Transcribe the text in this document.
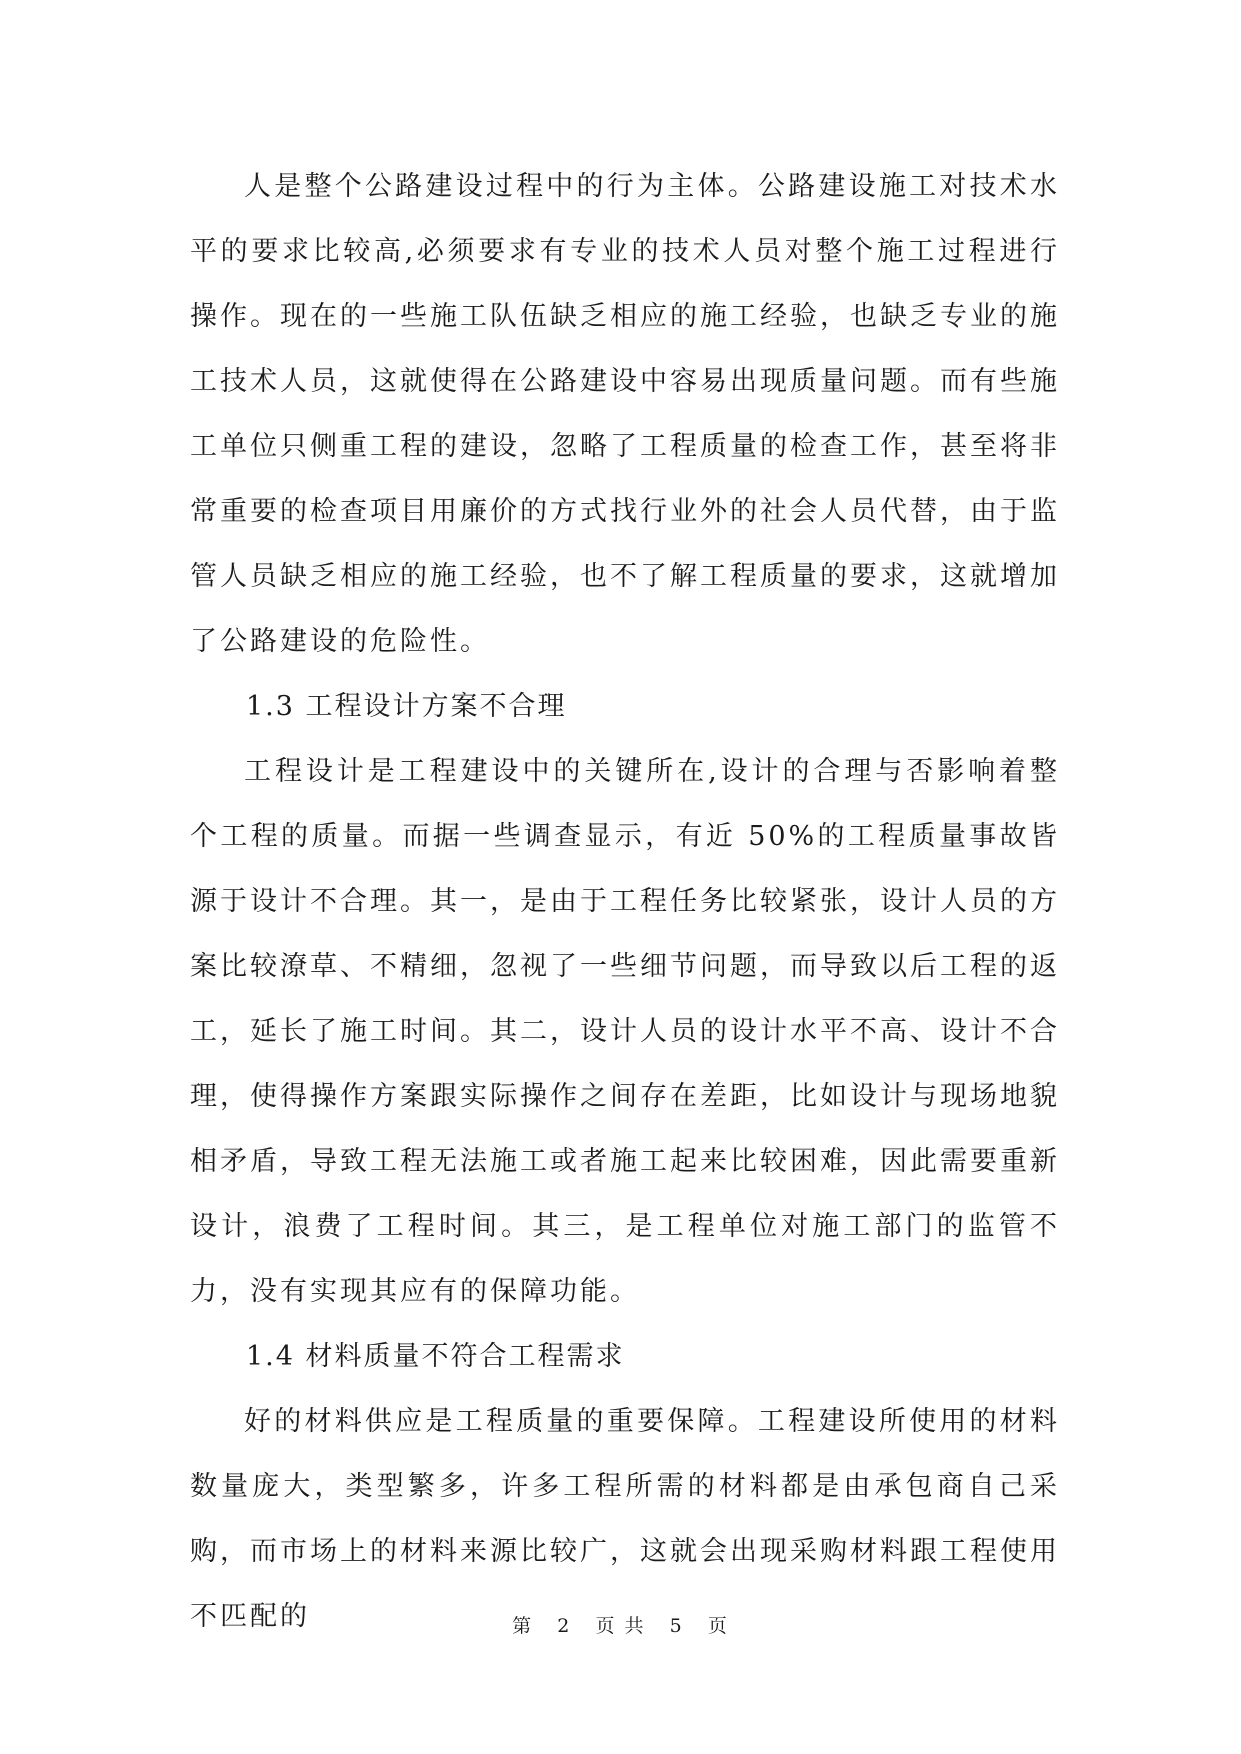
人是整个公路建设过程中的行为主体。公路建设施工对技术水平的要求比较高,必须要求有专业的技术人员对整个施工过程进行操作。现在的一些施工队伍缺乏相应的施工经验，也缺乏专业的施工技术人员，这就使得在公路建设中容易出现质量问题。而有些施工单位只侧重工程的建设，忽略了工程质量的检查工作，甚至将非常重要的检查项目用廉价的方式找行业外的社会人员代替，由于监管人员缺乏相应的施工经验，也不了解工程质量的要求，这就增加了公路建设的危险性。

1.3 工程设计方案不合理

工程设计是工程建设中的关键所在,设计的合理与否影响着整个工程的质量。而据一些调查显示，有近 50%的工程质量事故皆源于设计不合理。其一，是由于工程任务比较紧张，设计人员的方案比较潦草、不精细，忽视了一些细节问题，而导致以后工程的返工，延长了施工时间。其二，设计人员的设计水平不高、设计不合理，使得操作方案跟实际操作之间存在差距，比如设计与现场地貌相矛盾，导致工程无法施工或者施工起来比较困难，因此需要重新设计，浪费了工程时间。其三，是工程单位对施工部门的监管不力，没有实现其应有的保障功能。

1.4 材料质量不符合工程需求

好的材料供应是工程质量的重要保障。工程建设所使用的材料数量庞大，类型繁多，许多工程所需的材料都是由承包商自己采购，而市场上的材料来源比较广，这就会出现采购材料跟工程使用不匹配的	第 2 页 共 5 页
